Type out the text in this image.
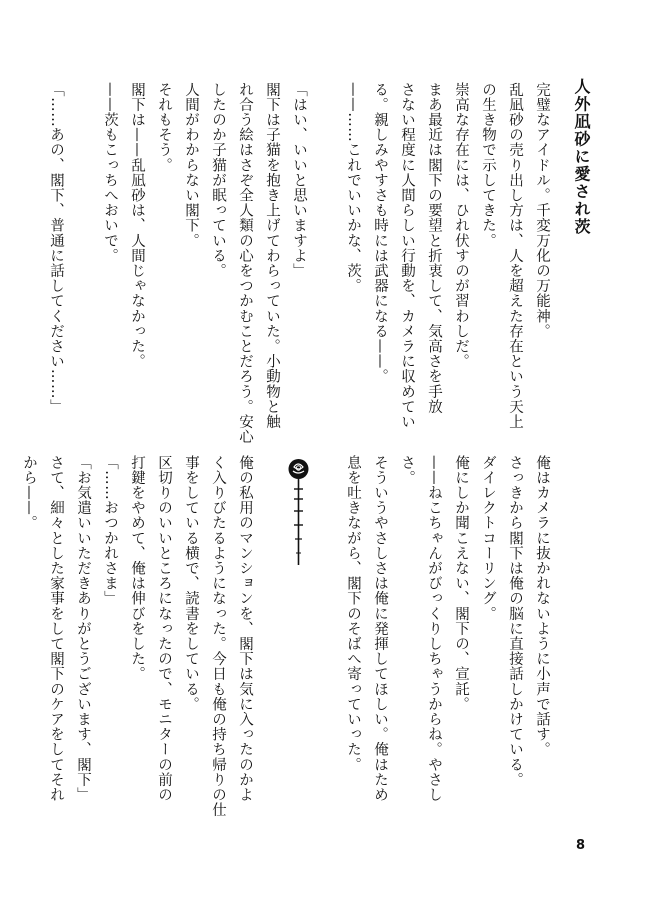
人外凪砂に愛され茨
完璧なアイドル。千変万化の万能神。
乱凪砂の売り出し方は、人を超えた存在という天上
の生き物で示してきた。
崇高な存在には、ひれ伏すのが習わしだ。
まあ最近は閣下の要望と折衷して、気高さを手放
さない程度に人間らしい行動を、カメラに収めてい
る。親しみやすさも時には武器になる——。
——……これでいいかな、茨。
「はい、いいと思いますよ」
閣下は子猫を抱き上げてわらっていた。小動物と触
れ合う絵はさぞ全人類の心をつかむことだろう。安心
したのか子猫が眠っている。
人間がわからない閣下。
それもそう。
閣下は——乱凪砂は、人間じゃなかった。
——茨もこっちへおいで。
「……あの、閣下、普通に話してください……」
俺はカメラに抜かれないように小声で話す。
さっきから閣下は俺の脳に直接話しかけている。
ダイレクトコーリング。
俺にしか聞こえない、閣下の、宣託。
——ねこちゃんがびっくりしちゃうからね。やさし
さ。
そういうやさしさは俺に発揮してほしい。俺はため
息を吐きながら、閣下のそばへ寄っていった。
俺の私用のマンションを、閣下は気に入ったのかよ
く入りびたるようになった。今日も俺の持ち帰りの仕
事をしている横で、読書をしている。
区切りのいいところになったので、モニターの前の
打鍵をやめて、俺は伸びをした。
「……おつかれさま」
「お気遣いいただきありがとうございます、閣下」
さて、細々とした家事をして閣下のケアをしてそれ
から——。
8
